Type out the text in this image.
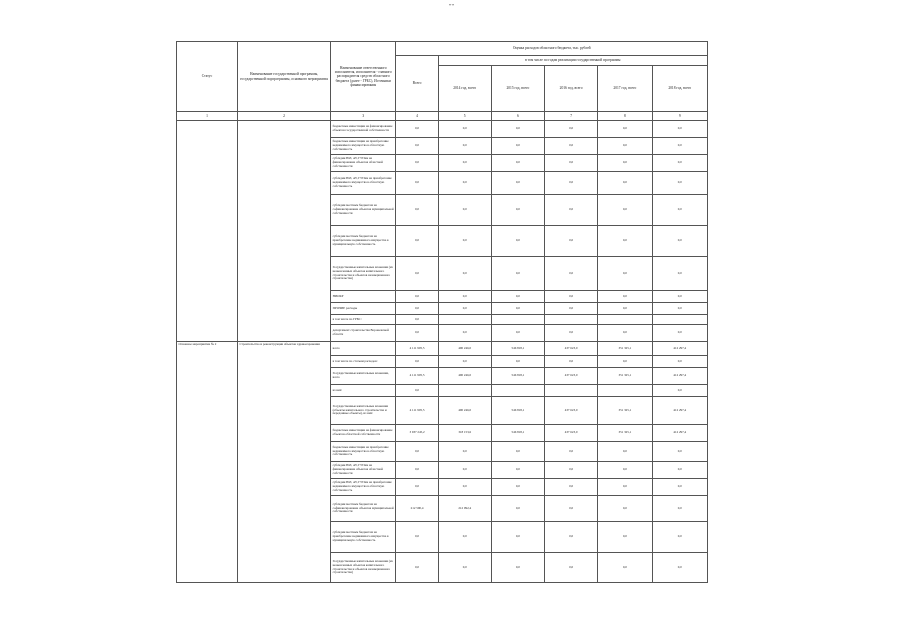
""
Статус	Наименование государственной программы, государственной подпрограммы, основного мероприятия	Наименование ответственного исполнителя, исполнителя - главного распорядителя средств областного бюджета (далее - ГРБС), Источники финансирования	Оценка расходов областного бюджета, тыс. рублей					
			Всего	в том числе по годам реализации государственной программы				
				2014 год, всего	2015 год, всего	2016 год, всего	2017 год, всего	2018 год, всего
1	2	3	4	5	6	7	8	9
		бюджетные инвестиции на финансирование объектов государственной собственности	0,0	0,0	0,0	0,0	0,0	0,0
		бюджетные инвестиции на приобретение недвижимого имущества в областную собственность	0,0	0,0	0,0	0,0	0,0	0,0
		субсидии ЮЛ, АУ, ГУПам на финансирование объектов областной собственности	0,0	0,0	0,0	0,0	0,0	0,0
		субсидии ЮЛ, АУ, ГУПам на приобретение недвижимого имущества в областную собственность	0,0	0,0	0,0	0,0	0,0	0,0
		субсидии местным бюджетам на софинансирование объектов муниципальной собственности	0,0	0,0	0,0	0,0	0,0	0,0
		субсидии местным бюджетам на приобретение недвижимого имущества в муниципальную собственность	0,0	0,0	0,0	0,0	0,0	0,0
		Государственные капитальные вложения (из неоконченных объектов капитального строительства и объектов незавершенного строительства)	0,0	0,0	0,0	0,0	0,0	0,0
		НИОКР	0,0	0,0	0,0	0,0	0,0	0,0
		ПРОЧИЕ расходы	0,0	0,0	0,0	0,0	0,0	0,0
		в том числе по ГРБС:	0,0					
		департамент строительства Воронежской области	0,0	0,0	0,0	0,0	0,0	0,0
Основное мероприятие № 2	Строительство и реконструкция объектов здравоохранения	всего	4 111 905,5	490 246,0	546 818,1	437 623,0	351 325,1	412 297,4
		в том числе по статьям расходов:	0,0	0,0	0,0	0,0	0,0	0,0
		Государственные капитальные вложения, всего	4 111 905,5	490 246,0	546 818,1	437 623,0	351 325,1	412 297,4
		из них:	0,0					0,0
		Государственные капитальные вложения (объекты капитального строительства и переданные объекты), из них:	4 111 905,5	490 246,0	546 818,1	437 623,0	351 325,1	412 297,4
		бюджетные инвестиции на финансирование объектов областной собственности	3 937 245,2	318 153,6	546 818,1	437 623,0	351 325,1	412 297,4
		бюджетные инвестиции на приобретение недвижимого имущества в областную собственность	0,0	0,0	0,0	0,0	0,0	0,0
		субсидии ЮЛ, АУ, ГУПам на финансирование объектов областной собственности	0,0	0,0	0,0	0,0	0,0	0,0
		субсидии ЮЛ, АУ, ГУПам на приобретение недвижимого имущества в областную собственность	0,0	0,0	0,0	0,0	0,0	0,0
		субсидии местным бюджетам на софинансирование объектов муниципальной собственности	212 590,4	212 092,4	0,0	0,0	0,0	0,0
		субсидии местным бюджетам на приобретение недвижимого имущества в муниципальную собственность	0,0	0,0	0,0	0,0	0,0	0,0
		Государственные капитальные вложения (из неоконченных объектов капитального строительства и объектов незавершенного строительства)	0,0	0,0	0,0	0,0	0,0	0,0
